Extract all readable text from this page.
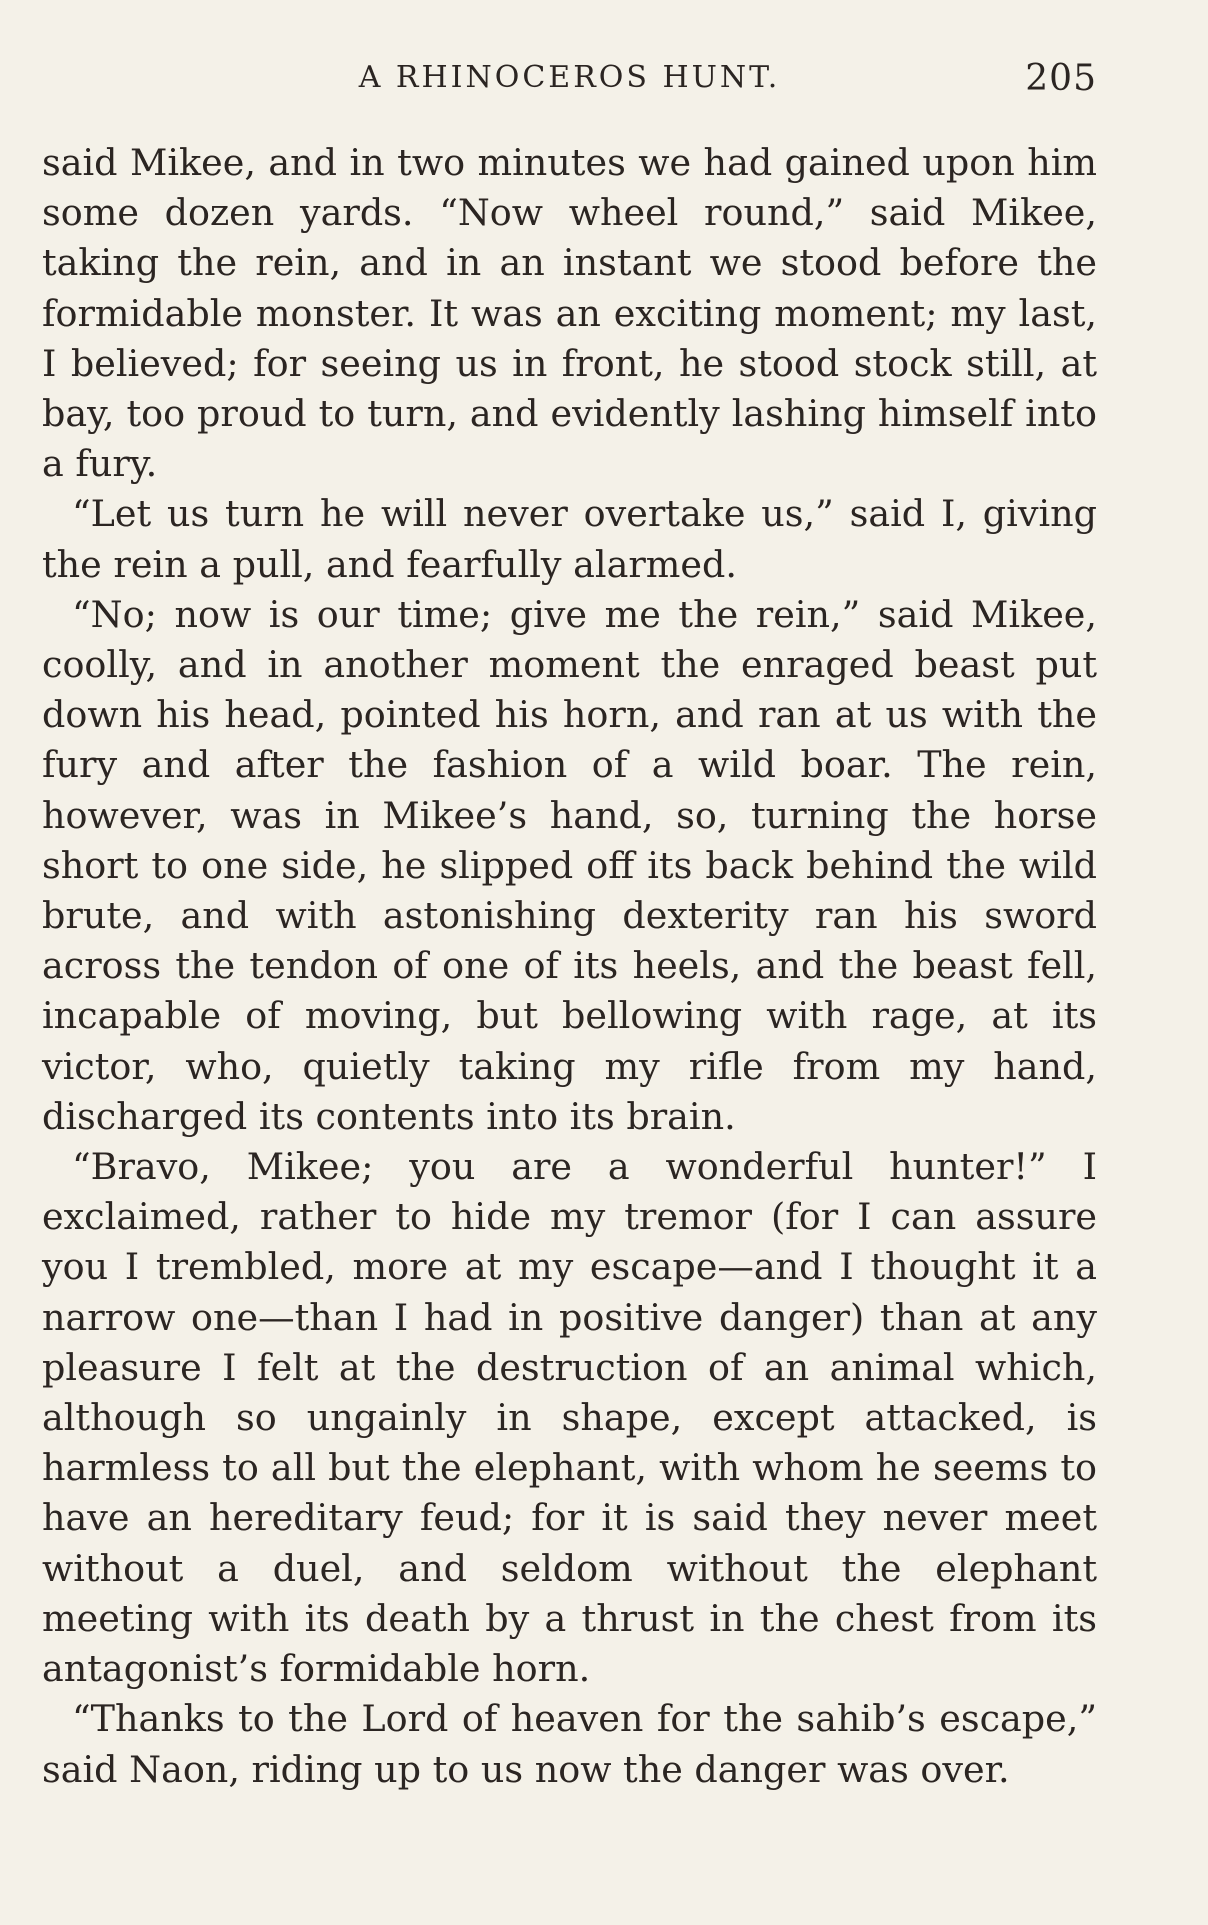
A RHINOCEROS HUNT.	205

said Mikee, and in two minutes we had gained upon him some dozen yards. “Now wheel round,” said Mikee, taking the rein, and in an instant we stood before the formidable monster. It was an exciting moment; my last, I believed; for seeing us in front, he stood stock still, at bay, too proud to turn, and evidently lashing himself into a fury.

“Let us turn he will never overtake us,” said I, giving the rein a pull, and fearfully alarmed.

“No; now is our time; give me the rein,” said Mikee, coolly, and in another moment the enraged beast put down his head, pointed his horn, and ran at us with the fury and after the fashion of a wild boar. The rein, however, was in Mikee’s hand, so, turning the horse short to one side, he slipped off its back behind the wild brute, and with astonishing dexterity ran his sword across the tendon of one of its heels, and the beast fell, incapable of moving, but bellowing with rage, at its victor, who, quietly taking my rifle from my hand, discharged its contents into its brain.

“Bravo, Mikee; you are a wonderful hunter!” I exclaimed, rather to hide my tremor (for I can assure you I trembled, more at my escape—and I thought it a narrow one—than I had in positive danger) than at any pleasure I felt at the destruction of an animal which, although so ungainly in shape, except attacked, is harmless to all but the elephant, with whom he seems to have an hereditary feud; for it is said they never meet without a duel, and seldom without the elephant meeting with its death by a thrust in the chest from its antagonist’s formidable horn.

“Thanks to the Lord of heaven for the sahib’s escape,” said Naon, riding up to us now the danger was over.
